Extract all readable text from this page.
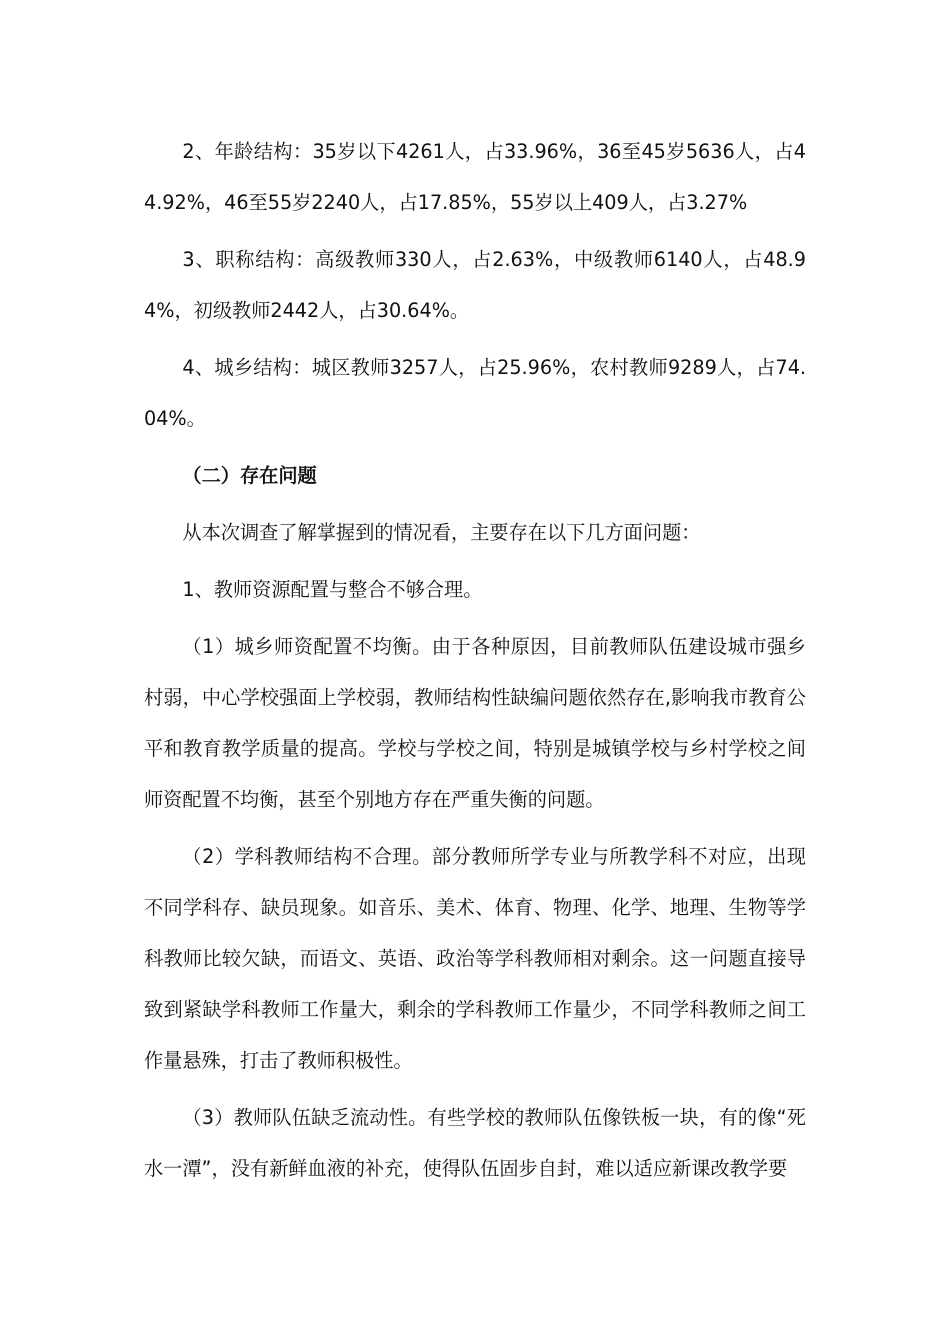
2、年龄结构：35岁以下4261人，占33.96%，36至45岁5636人，占44.92%，46至55岁2240人，占17.85%，55岁以上409人，占3.27%

3、职称结构：高级教师330人，占2.63%，中级教师6140人，占48.94%，初级教师2442人，占30.64%。

4、城乡结构：城区教师3257人，占25.96%，农村教师9289人，占74.04%。

（二）存在问题

从本次调查了解掌握到的情况看，主要存在以下几方面问题：

1、教师资源配置与整合不够合理。

（1）城乡师资配置不均衡。由于各种原因，目前教师队伍建设城市强乡村弱，中心学校强面上学校弱，教师结构性缺编问题依然存在,影响我市教育公平和教育教学质量的提高。学校与学校之间，特别是城镇学校与乡村学校之间师资配置不均衡，甚至个别地方存在严重失衡的问题。

（2）学科教师结构不合理。部分教师所学专业与所教学科不对应，出现不同学科存、缺员现象。如音乐、美术、体育、物理、化学、地理、生物等学科教师比较欠缺，而语文、英语、政治等学科教师相对剩余。这一问题直接导致到紧缺学科教师工作量大，剩余的学科教师工作量少，不同学科教师之间工作量悬殊，打击了教师积极性。

（3）教师队伍缺乏流动性。有些学校的教师队伍像铁板一块，有的像“死水一潭”，没有新鲜血液的补充，使得队伍固步自封，难以适应新课改教学要
